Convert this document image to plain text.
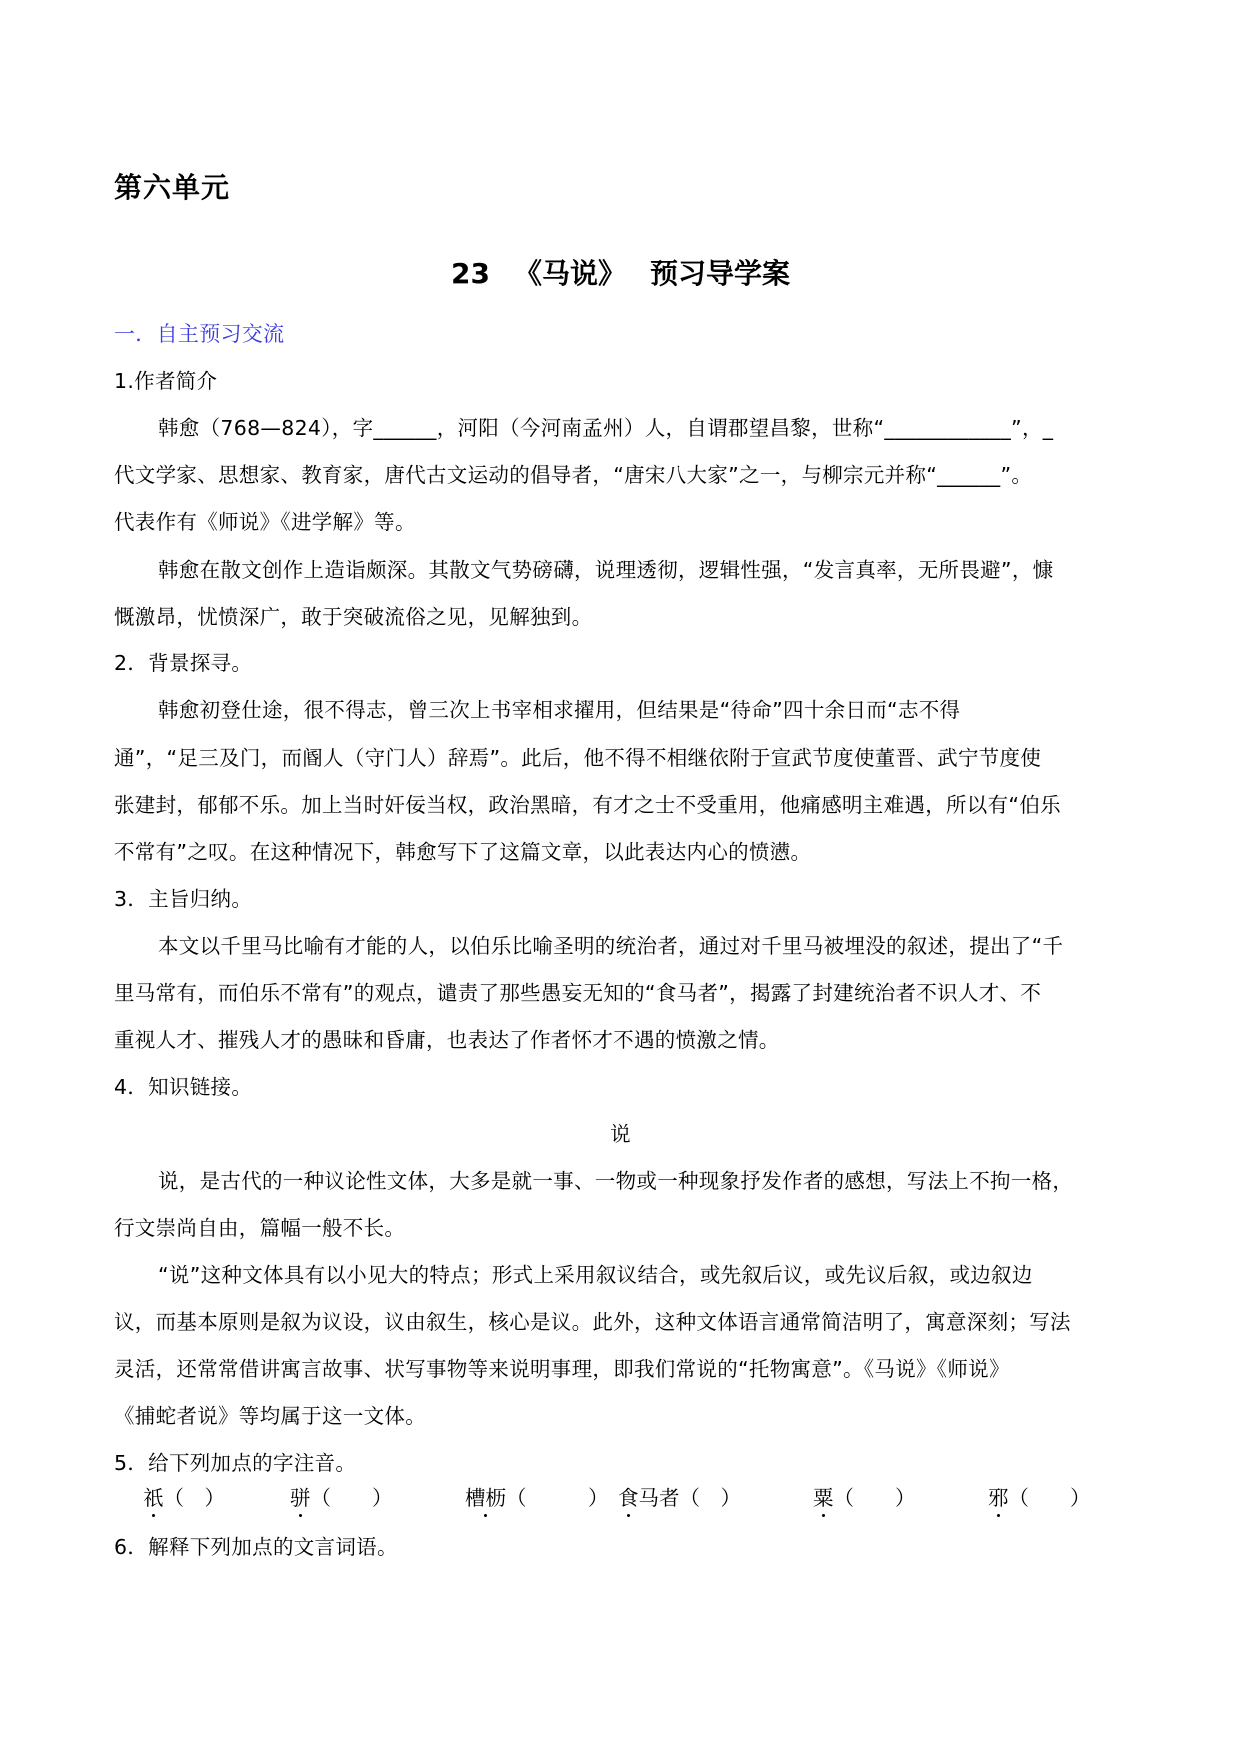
第六单元
23 《马说》 预习导学案
一．自主预习交流
1.作者简介
韩愈（768—824），字______，河阳（今河南孟州）人，自谓郡望昌黎，世称“____________”，_
代文学家、思想家、教育家，唐代古文运动的倡导者，“唐宋八大家”之一，与柳宗元并称“______”。
代表作有《师说》《进学解》等。
韩愈在散文创作上造诣颇深。其散文气势磅礴，说理透彻，逻辑性强，“发言真率，无所畏避”，慷
慨激昂，忧愤深广，敢于突破流俗之见，见解独到。
2．背景探寻。
韩愈初登仕途，很不得志，曾三次上书宰相求擢用，但结果是“待命”四十余日而“志不得
通”，“足三及门，而阍人（守门人）辞焉”。此后，他不得不相继依附于宣武节度使董晋、武宁节度使
张建封，郁郁不乐。加上当时奸佞当权，政治黑暗，有才之士不受重用，他痛感明主难遇，所以有“伯乐
不常有”之叹。在这种情况下，韩愈写下了这篇文章，以此表达内心的愤懑。
3．主旨归纳。
本文以千里马比喻有才能的人，以伯乐比喻圣明的统治者，通过对千里马被埋没的叙述，提出了“千
里马常有，而伯乐不常有”的观点，谴责了那些愚妄无知的“食马者”，揭露了封建统治者不识人才、不
重视人才、摧残人才的愚昧和昏庸，也表达了作者怀才不遇的愤激之情。
4．知识链接。
说
说，是古代的一种议论性文体，大多是就一事、一物或一种现象抒发作者的感想，写法上不拘一格，
行文崇尚自由，篇幅一般不长。
“说”这种文体具有以小见大的特点；形式上采用叙议结合，或先叙后议，或先议后叙，或边叙边
议，而基本原则是叙为议设，议由叙生，核心是议。此外，这种文体语言通常简洁明了，寓意深刻；写法
灵活，还常常借讲寓言故事、状写事物等来说明事理，即我们常说的“托物寓意”。《马说》《师说》
《捕蛇者说》等均属于这一文体。
5．给下列加点的字注音。
祇（　）	骈（　　）	槽枥（　　　） 食马者（　）	粟（　　）	邪（　　）
6．解释下列加点的文言词语。
